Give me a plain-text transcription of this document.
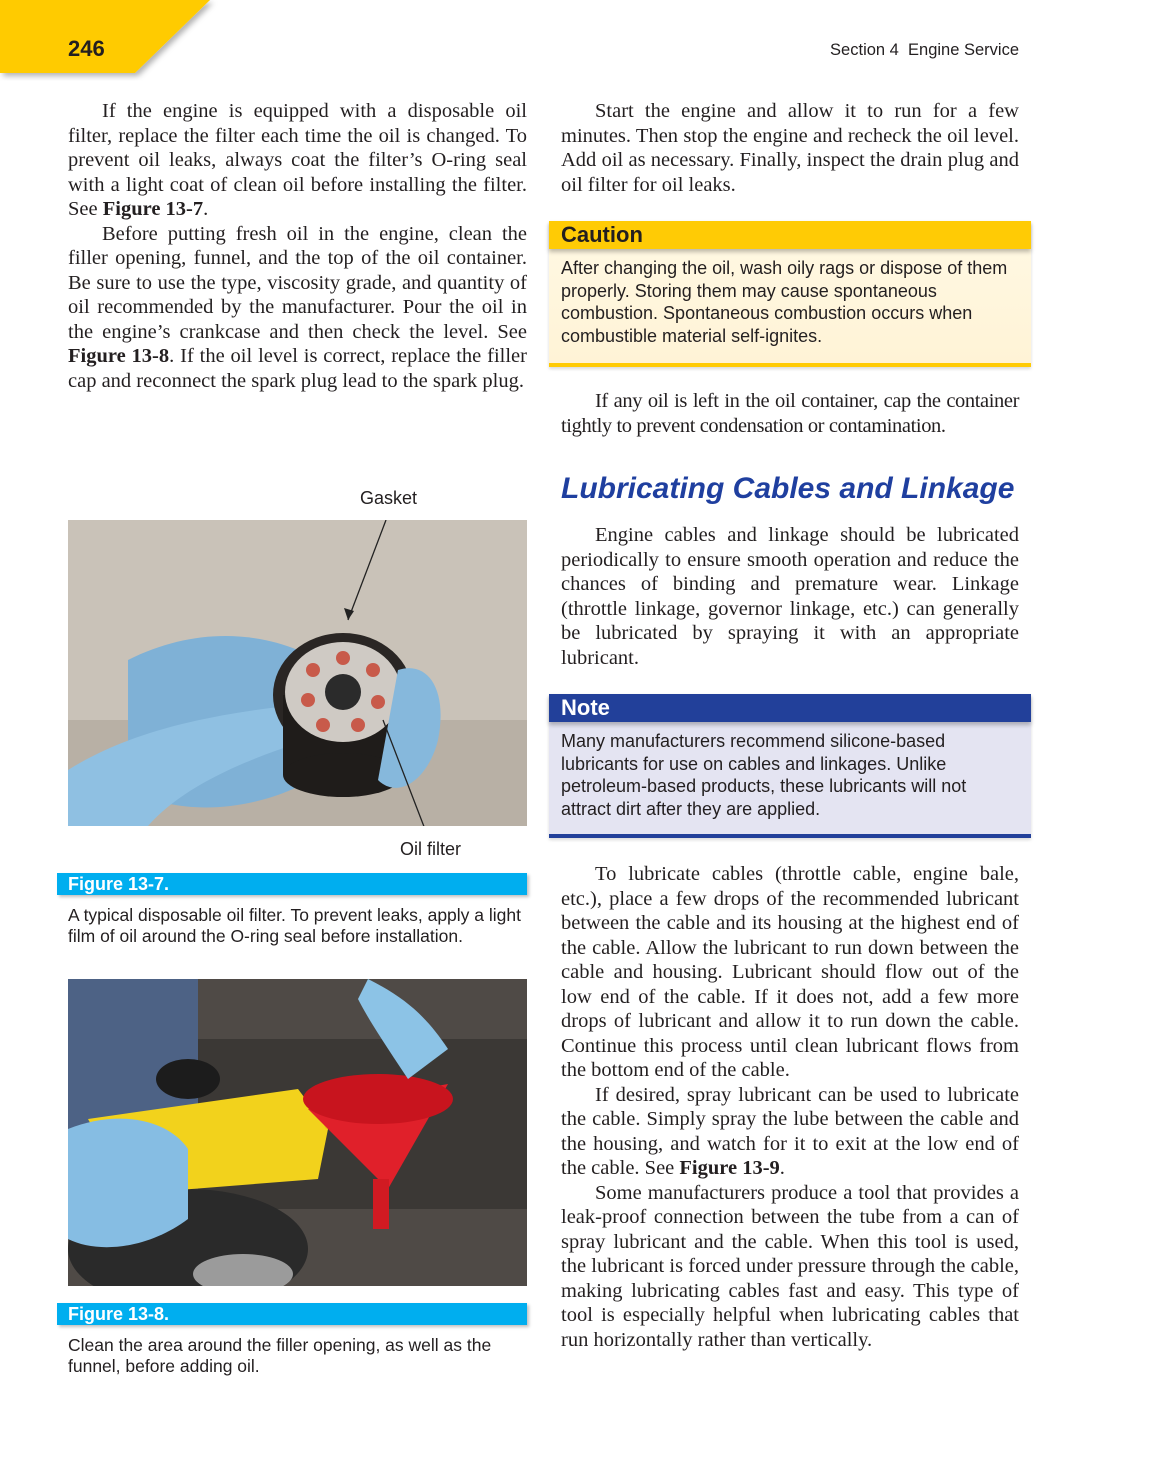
246	Section 4  Engine Service

If the engine is equipped with a disposable oil filter, replace the filter each time the oil is changed. To prevent oil leaks, always coat the filter’s O-ring seal with a light coat of clean oil before installing the filter. See Figure 13-7.

Before putting fresh oil in the engine, clean the filler opening, funnel, and the top of the oil container. Be sure to use the type, viscosity grade, and quantity of oil recommended by the manufacturer. Pour the oil in the engine’s crankcase and then check the level. See Figure 13-8. If the oil level is correct, replace the filler cap and reconnect the spark plug lead to the spark plug.

Gasket
Oil filter
Figure 13-7.
A typical disposable oil filter. To prevent leaks, apply a light film of oil around the O-ring seal before installation.
Figure 13-8.
Clean the area around the filler opening, as well as the funnel, before adding oil.

Start the engine and allow it to run for a few minutes. Then stop the engine and recheck the oil level. Add oil as necessary. Finally, inspect the drain plug and oil filter for oil leaks.

Caution
After changing the oil, wash oily rags or dispose of them properly. Storing them may cause spontaneous combustion. Spontaneous combustion occurs when combustible material self-ignites.

If any oil is left in the oil container, cap the container tightly to prevent condensation or contamination.

Lubricating Cables and Linkage

Engine cables and linkage should be lubricated periodically to ensure smooth operation and reduce the chances of binding and premature wear. Linkage (throttle linkage, governor linkage, etc.) can generally be lubricated by spraying it with an appropriate lubricant.

Note
Many manufacturers recommend silicone-based lubricants for use on cables and linkages. Unlike petroleum-based products, these lubricants will not attract dirt after they are applied.

To lubricate cables (throttle cable, engine bale, etc.), place a few drops of the recommended lubricant between the cable and its housing at the highest end of the cable. Allow the lubricant to run down between the cable and housing. Lubricant should flow out of the low end of the cable. If it does not, add a few more drops of lubricant and allow it to run down the cable. Continue this process until clean lubricant flows from the bottom end of the cable.

If desired, spray lubricant can be used to lubricate the cable. Simply spray the lube between the cable and the housing, and watch for it to exit at the low end of the cable. See Figure 13-9.

Some manufacturers produce a tool that provides a leak-proof connection between the tube from a can of spray lubricant and the cable. When this tool is used, the lubricant is forced under pressure through the cable, making lubricating cables fast and easy. This type of tool is especially helpful when lubricating cables that run horizontally rather than vertically.
